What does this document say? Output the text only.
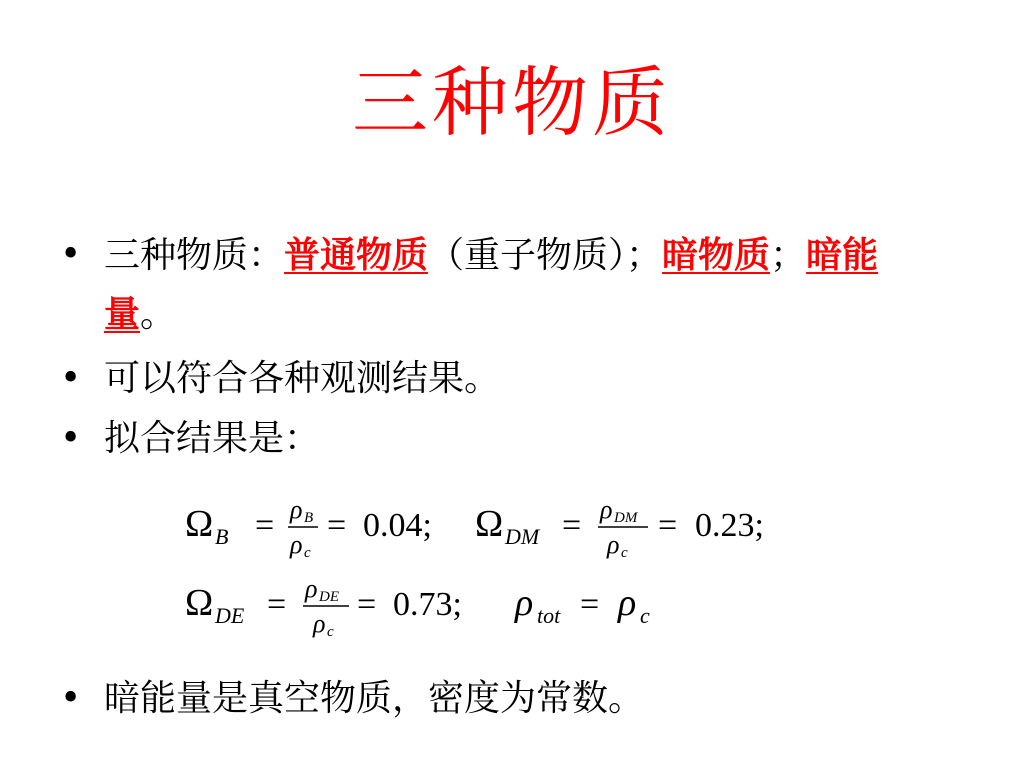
三种物质
• 三种物质：普通物质（重子物质）；暗物质；暗能量。
• 可以符合各种观测结果。
• 拟合结果是：
Ω B = ρ B
ρ c
= 0.04; Ω DM = ρ DM
ρ c
= 0.23;
Ω DE = ρ DE
ρ c
= 0.73; ρ tot = ρ c
• 暗能量是真空物质，密度为常数。
